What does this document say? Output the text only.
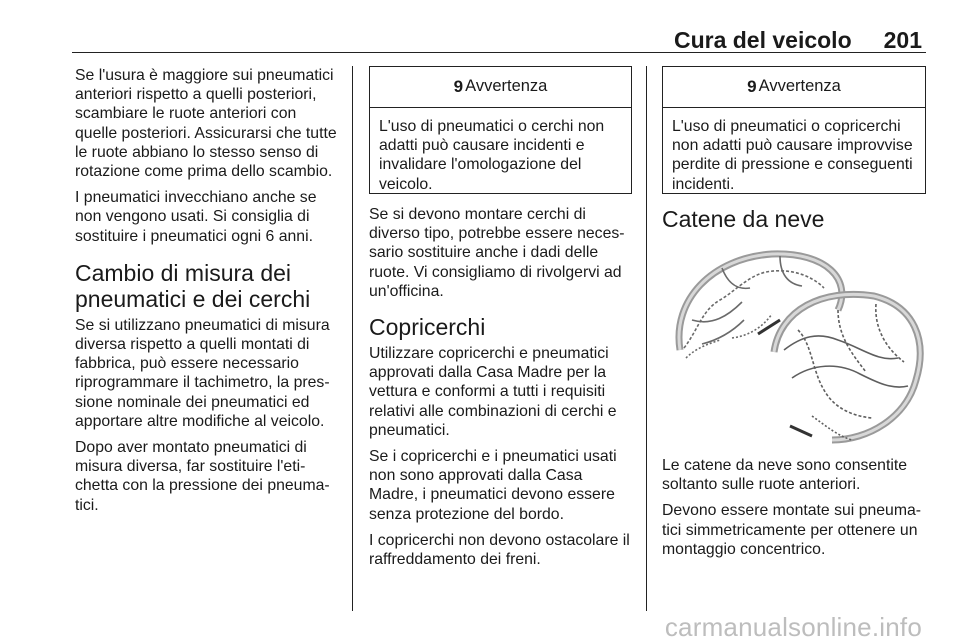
Cura del veicolo 201

Se l'usura è maggiore sui pneumatici anteriori rispetto a quelli posteriori, scambiare le ruote anteriori con quelle posteriori. Assicurarsi che tutte le ruote abbiano lo stesso senso di rotazione come prima dello scambio.

I pneumatici invecchiano anche se non vengono usati. Si consiglia di sostituire i pneumatici ogni 6 anni.

Cambio di misura dei pneumatici e dei cerchi

Se si utilizzano pneumatici di misura diversa rispetto a quelli montati di fabbrica, può essere necessario riprogrammare il tachimetro, la pres- sione nominale dei pneumatici ed apportare altre modifiche al veicolo.

Dopo aver montato pneumatici di misura diversa, far sostituire l'eti- chetta con la pressione dei pneuma- tici.

9 Avvertenza
L'uso di pneumatici o cerchi non adatti può causare incidenti e invalidare l'omologazione del veicolo.

Se si devono montare cerchi di diverso tipo, potrebbe essere neces- sario sostituire anche i dadi delle ruote. Vi consigliamo di rivolgervi ad un'officina.

Copricerchi

Utilizzare copricerchi e pneumatici approvati dalla Casa Madre per la vettura e conformi a tutti i requisiti relativi alle combinazioni di cerchi e pneumatici.

Se i copricerchi e i pneumatici usati non sono approvati dalla Casa Madre, i pneumatici devono essere senza protezione del bordo.

I copricerchi non devono ostacolare il raffreddamento dei freni.

9 Avvertenza
L'uso di pneumatici o copricerchi non adatti può causare improvvise perdite di pressione e conseguenti incidenti.
Catene da neve

Le catene da neve sono consentite soltanto sulle ruote anteriori.

Devono essere montate sui pneuma- tici simmetricamente per ottenere un montaggio concentrico.

carmanualsonline.info
